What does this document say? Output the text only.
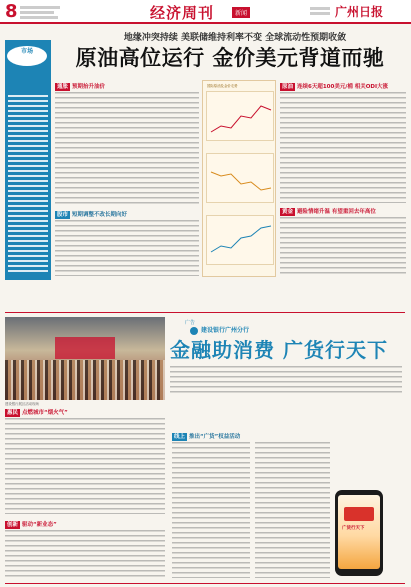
8	经济周刊	新闻	广州日报
地缘冲突持续 美联储维持利率不变 全球流动性预期收敛
原油高位运行 金价美元背道而驰
市场
通胀 预期抬升油价
股市 短期调整不改长期向好
国际原油及金价走势	原油 连续6天超100美元/桶 相关ODI大涨
黄金 避险情绪升温 有望重回去年高位
建设银行展区活动现场
广告
建设银行广州分行
金融助消费 广货行天下
惠民 点燃城市“烟火气”
创新 驱动“新业态”
线上 推出“广货”权益活动
广货行天下
